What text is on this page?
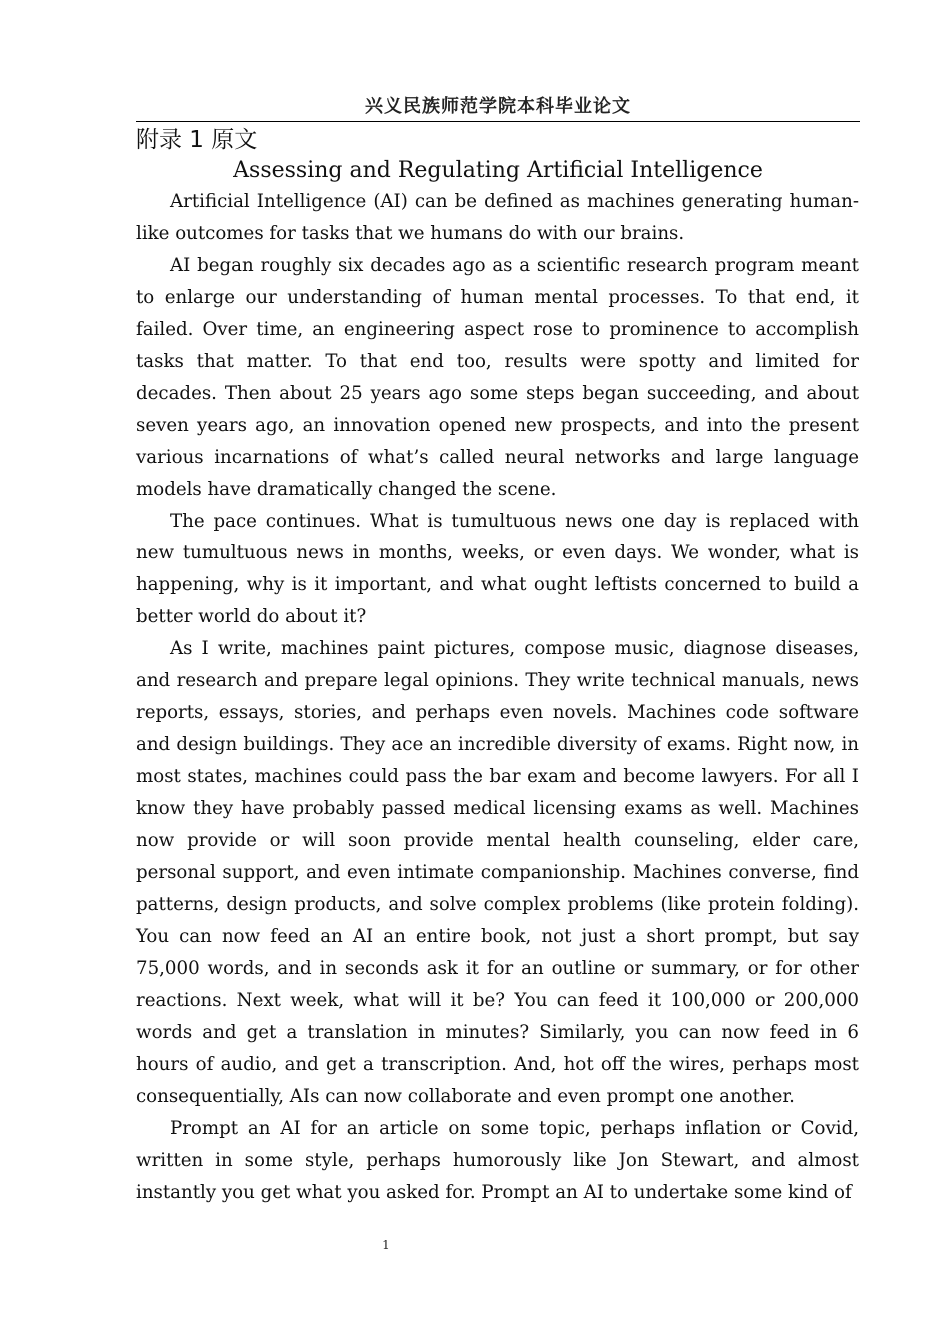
兴义民族师范学院本科毕业论文
附录 1 原文
Assessing and Regulating Artificial Intelligence

Artificial Intelligence (AI) can be defined as machines generating human-like outcomes for tasks that we humans do with our brains.

AI began roughly six decades ago as a scientific research program meant to enlarge our understanding of human mental processes. To that end, it failed. Over time, an engineering aspect rose to prominence to accomplish tasks that matter. To that end too, results were spotty and limited for decades. Then about 25 years ago some steps began succeeding, and about seven years ago, an innovation opened new prospects, and into the present various incarnations of what’s called neural networks and large language models have dramatically changed the scene.

The pace continues. What is tumultuous news one day is replaced with new tumultuous news in months, weeks, or even days. We wonder, what is happening, why is it important, and what ought leftists concerned to build a better world do about it?

As I write, machines paint pictures, compose music, diagnose diseases, and research and prepare legal opinions. They write technical manuals, news reports, essays, stories, and perhaps even novels. Machines code software and design buildings. They ace an incredible diversity of exams. Right now, in most states, machines could pass the bar exam and become lawyers. For all I know they have probably passed medical licensing exams as well. Machines now provide or will soon provide mental health counseling, elder care, personal support, and even intimate companionship. Machines converse, find patterns, design products, and solve complex problems (like protein folding). You can now feed an AI an entire book, not just a short prompt, but say 75,000 words, and in seconds ask it for an outline or summary, or for other reactions. Next week, what will it be? You can feed it 100,000 or 200,000 words and get a translation in minutes? Similarly, you can now feed in 6 hours of audio, and get a transcription. And, hot off the wires, perhaps most consequentially, AIs can now collaborate and even prompt one another.

Prompt an AI for an article on some topic, perhaps inflation or Covid, written in some style, perhaps humorously like Jon Stewart, and almost instantly you get what you asked for. Prompt an AI to undertake some kind of

1
